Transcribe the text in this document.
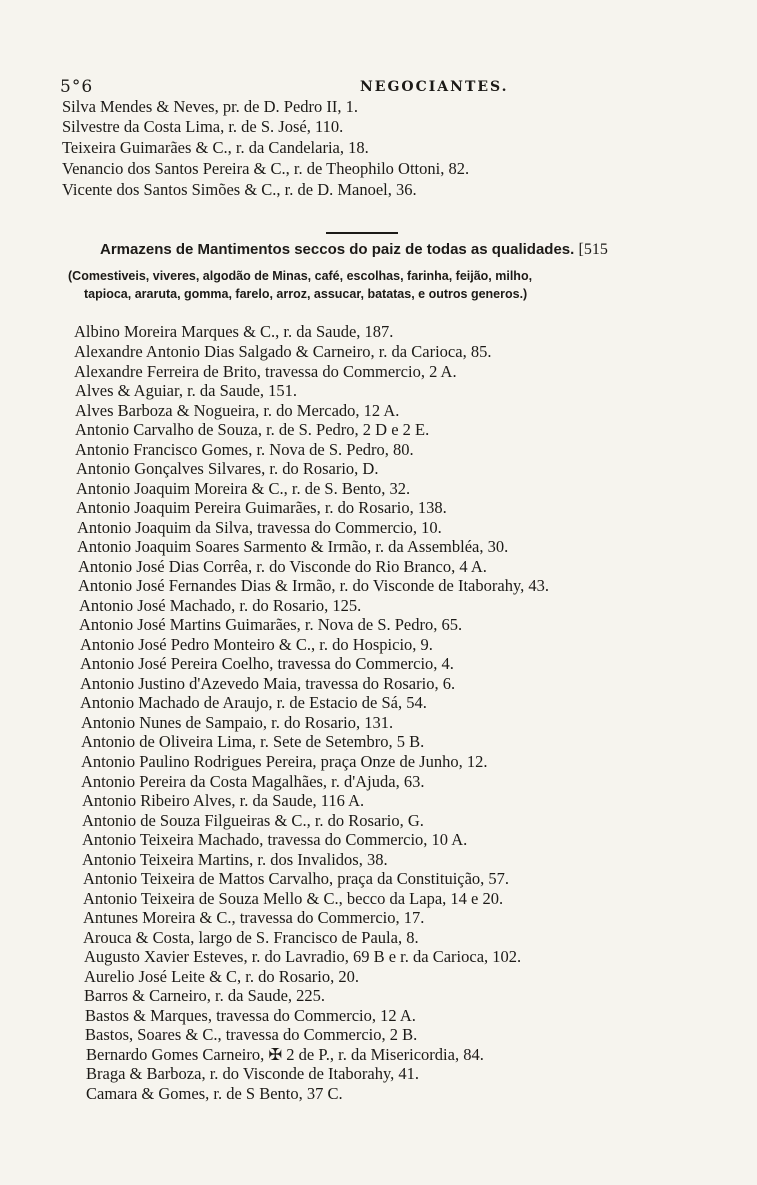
5°6	NEGOCIANTES.
Silva Mendes & Neves, pr. de D. Pedro II, 1.
Silvestre da Costa Lima, r. de S. José, 110.
Teixeira Guimarães & C., r. da Candelaria, 18.
Venancio dos Santos Pereira & C., r. de Theophilo Ottoni, 82.
Vicente dos Santos Simões & C., r. de D. Manoel, 36.
Armazens de Mantimentos seccos do paiz de todas as qualidades. [515
(Comestiveis, viveres, algodão de Minas, café, escolhas, farinha, feijão, milho,
tapioca, araruta, gomma, farelo, arroz, assucar, batatas, e outros generos.)
Albino Moreira Marques & C., r. da Saude, 187.
Alexandre Antonio Dias Salgado & Carneiro, r. da Carioca, 85.
Alexandre Ferreira de Brito, travessa do Commercio, 2 A.
Alves & Aguiar, r. da Saude, 151.
Alves Barboza & Nogueira, r. do Mercado, 12 A.
Antonio Carvalho de Souza, r. de S. Pedro, 2 D e 2 E.
Antonio Francisco Gomes, r. Nova de S. Pedro, 80.
Antonio Gonçalves Silvares, r. do Rosario, D.
Antonio Joaquim Moreira & C., r. de S. Bento, 32.
Antonio Joaquim Pereira Guimarães, r. do Rosario, 138.
Antonio Joaquim da Silva, travessa do Commercio, 10.
Antonio Joaquim Soares Sarmento & Irmão, r. da Assembléa, 30.
Antonio José Dias Corrêa, r. do Visconde do Rio Branco, 4 A.
Antonio José Fernandes Dias & Irmão, r. do Visconde de Itaborahy, 43.
Antonio José Machado, r. do Rosario, 125.
Antonio José Martins Guimarães, r. Nova de S. Pedro, 65.
Antonio José Pedro Monteiro & C., r. do Hospicio, 9.
Antonio José Pereira Coelho, travessa do Commercio, 4.
Antonio Justino d'Azevedo Maia, travessa do Rosario, 6.
Antonio Machado de Araujo, r. de Estacio de Sá, 54.
Antonio Nunes de Sampaio, r. do Rosario, 131.
Antonio de Oliveira Lima, r. Sete de Setembro, 5 B.
Antonio Paulino Rodrigues Pereira, praça Onze de Junho, 12.
Antonio Pereira da Costa Magalhães, r. d'Ajuda, 63.
Antonio Ribeiro Alves, r. da Saude, 116 A.
Antonio de Souza Filgueiras & C., r. do Rosario, G.
Antonio Teixeira Machado, travessa do Commercio, 10 A.
Antonio Teixeira Martins, r. dos Invalidos, 38.
Antonio Teixeira de Mattos Carvalho, praça da Constituição, 57.
Antonio Teixeira de Souza Mello & C., becco da Lapa, 14 e 20.
Antunes Moreira & C., travessa do Commercio, 17.
Arouca & Costa, largo de S. Francisco de Paula, 8.
Augusto Xavier Esteves, r. do Lavradio, 69 B e r. da Carioca, 102.
Aurelio José Leite & C, r. do Rosario, 20.
Barros & Carneiro, r. da Saude, 225.
Bastos & Marques, travessa do Commercio, 12 A.
Bastos, Soares & C., travessa do Commercio, 2 B.
Bernardo Gomes Carneiro, ✠ 2 de P., r. da Misericordia, 84.
Braga & Barboza, r. do Visconde de Itaborahy, 41.
Camara & Gomes, r. de S Bento, 37 C.
